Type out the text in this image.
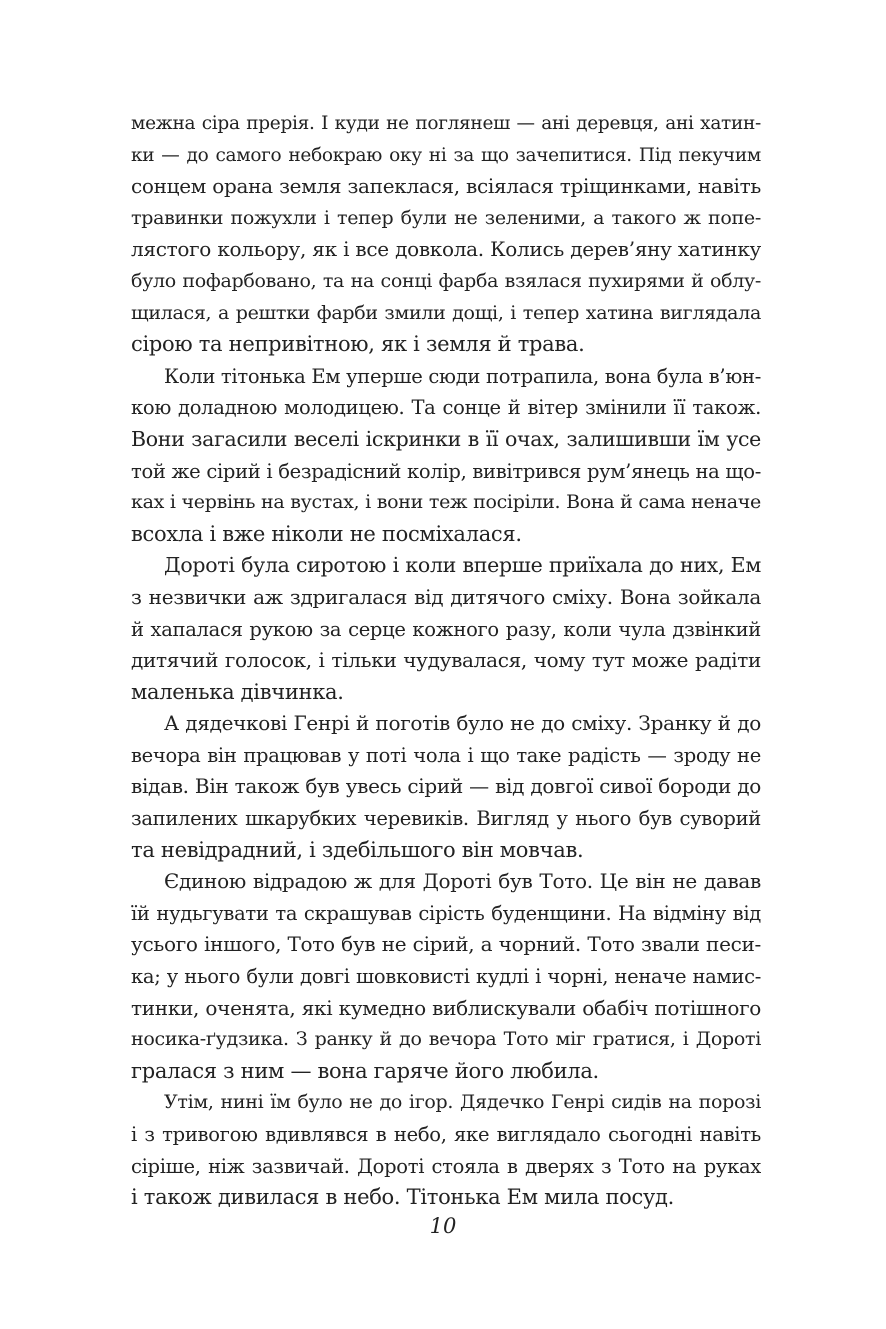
межна сіра прерія. І куди не поглянеш — ані деревця, ані хатин-
ки — до самого небокраю оку ні за що зачепитися. Під пекучим
сонцем орана земля запеклася, всіялася тріщинками, навіть
травинки пожухли і тепер були не зеленими, а такого ж попе-
лястого кольору, як і все довкола. Колись дерев’яну хатинку
було пофарбовано, та на сонці фарба взялася пухирями й облу-
щилася, а рештки фарби змили дощі, і тепер хатина виглядала
сірою та непривітною, як і земля й трава.
Коли тітонька Ем уперше сюди потрапила, вона була в’юн-
кою доладною молодицею. Та сонце й вітер змінили її також.
Вони загасили веселі іскринки в її очах, залишивши їм усе
той же сірий і безрадісний колір, вивітрився рум’янець на що-
ках і червінь на вустах, і вони теж посіріли. Вона й сама неначе
всохла і вже ніколи не посміхалася.
Дороті була сиротою і коли вперше приїхала до них, Ем
з незвички аж здригалася від дитячого сміху. Вона зойкала
й хапалася рукою за серце кожного разу, коли чула дзвінкий
дитячий голосок, і тільки чудувалася, чому тут може радіти
маленька дівчинка.
А дядечкові Генрі й поготів було не до сміху. Зранку й до
вечора він працював у поті чола і що таке радість — зроду не
відав. Він також був увесь сірий — від довгої сивої бороди до
запилених шкарубких черевиків. Вигляд у нього був суворий
та невідрадний, і здебільшого він мовчав.
Єдиною відрадою ж для Дороті був Тото. Це він не давав
їй нудьгувати та скрашував сірість буденщини. На відміну від
усього іншого, Тото був не сірий, а чорний. Тото звали песи-
ка; у нього були довгі шовковисті кудлі і чорні, неначе намис-
тинки, оченята, які кумедно виблискували обабіч потішного
носика-ґудзика. З ранку й до вечора Тото міг гратися, і Дороті
гралася з ним — вона гаряче його любила.
Утім, нині їм було не до ігор. Дядечко Генрі сидів на порозі
і з тривогою вдивлявся в небо, яке виглядало сьогодні навіть
сіріше, ніж зазвичай. Дороті стояла в дверях з Тото на руках
і також дивилася в небо. Тітонька Ем мила посуд.
10
